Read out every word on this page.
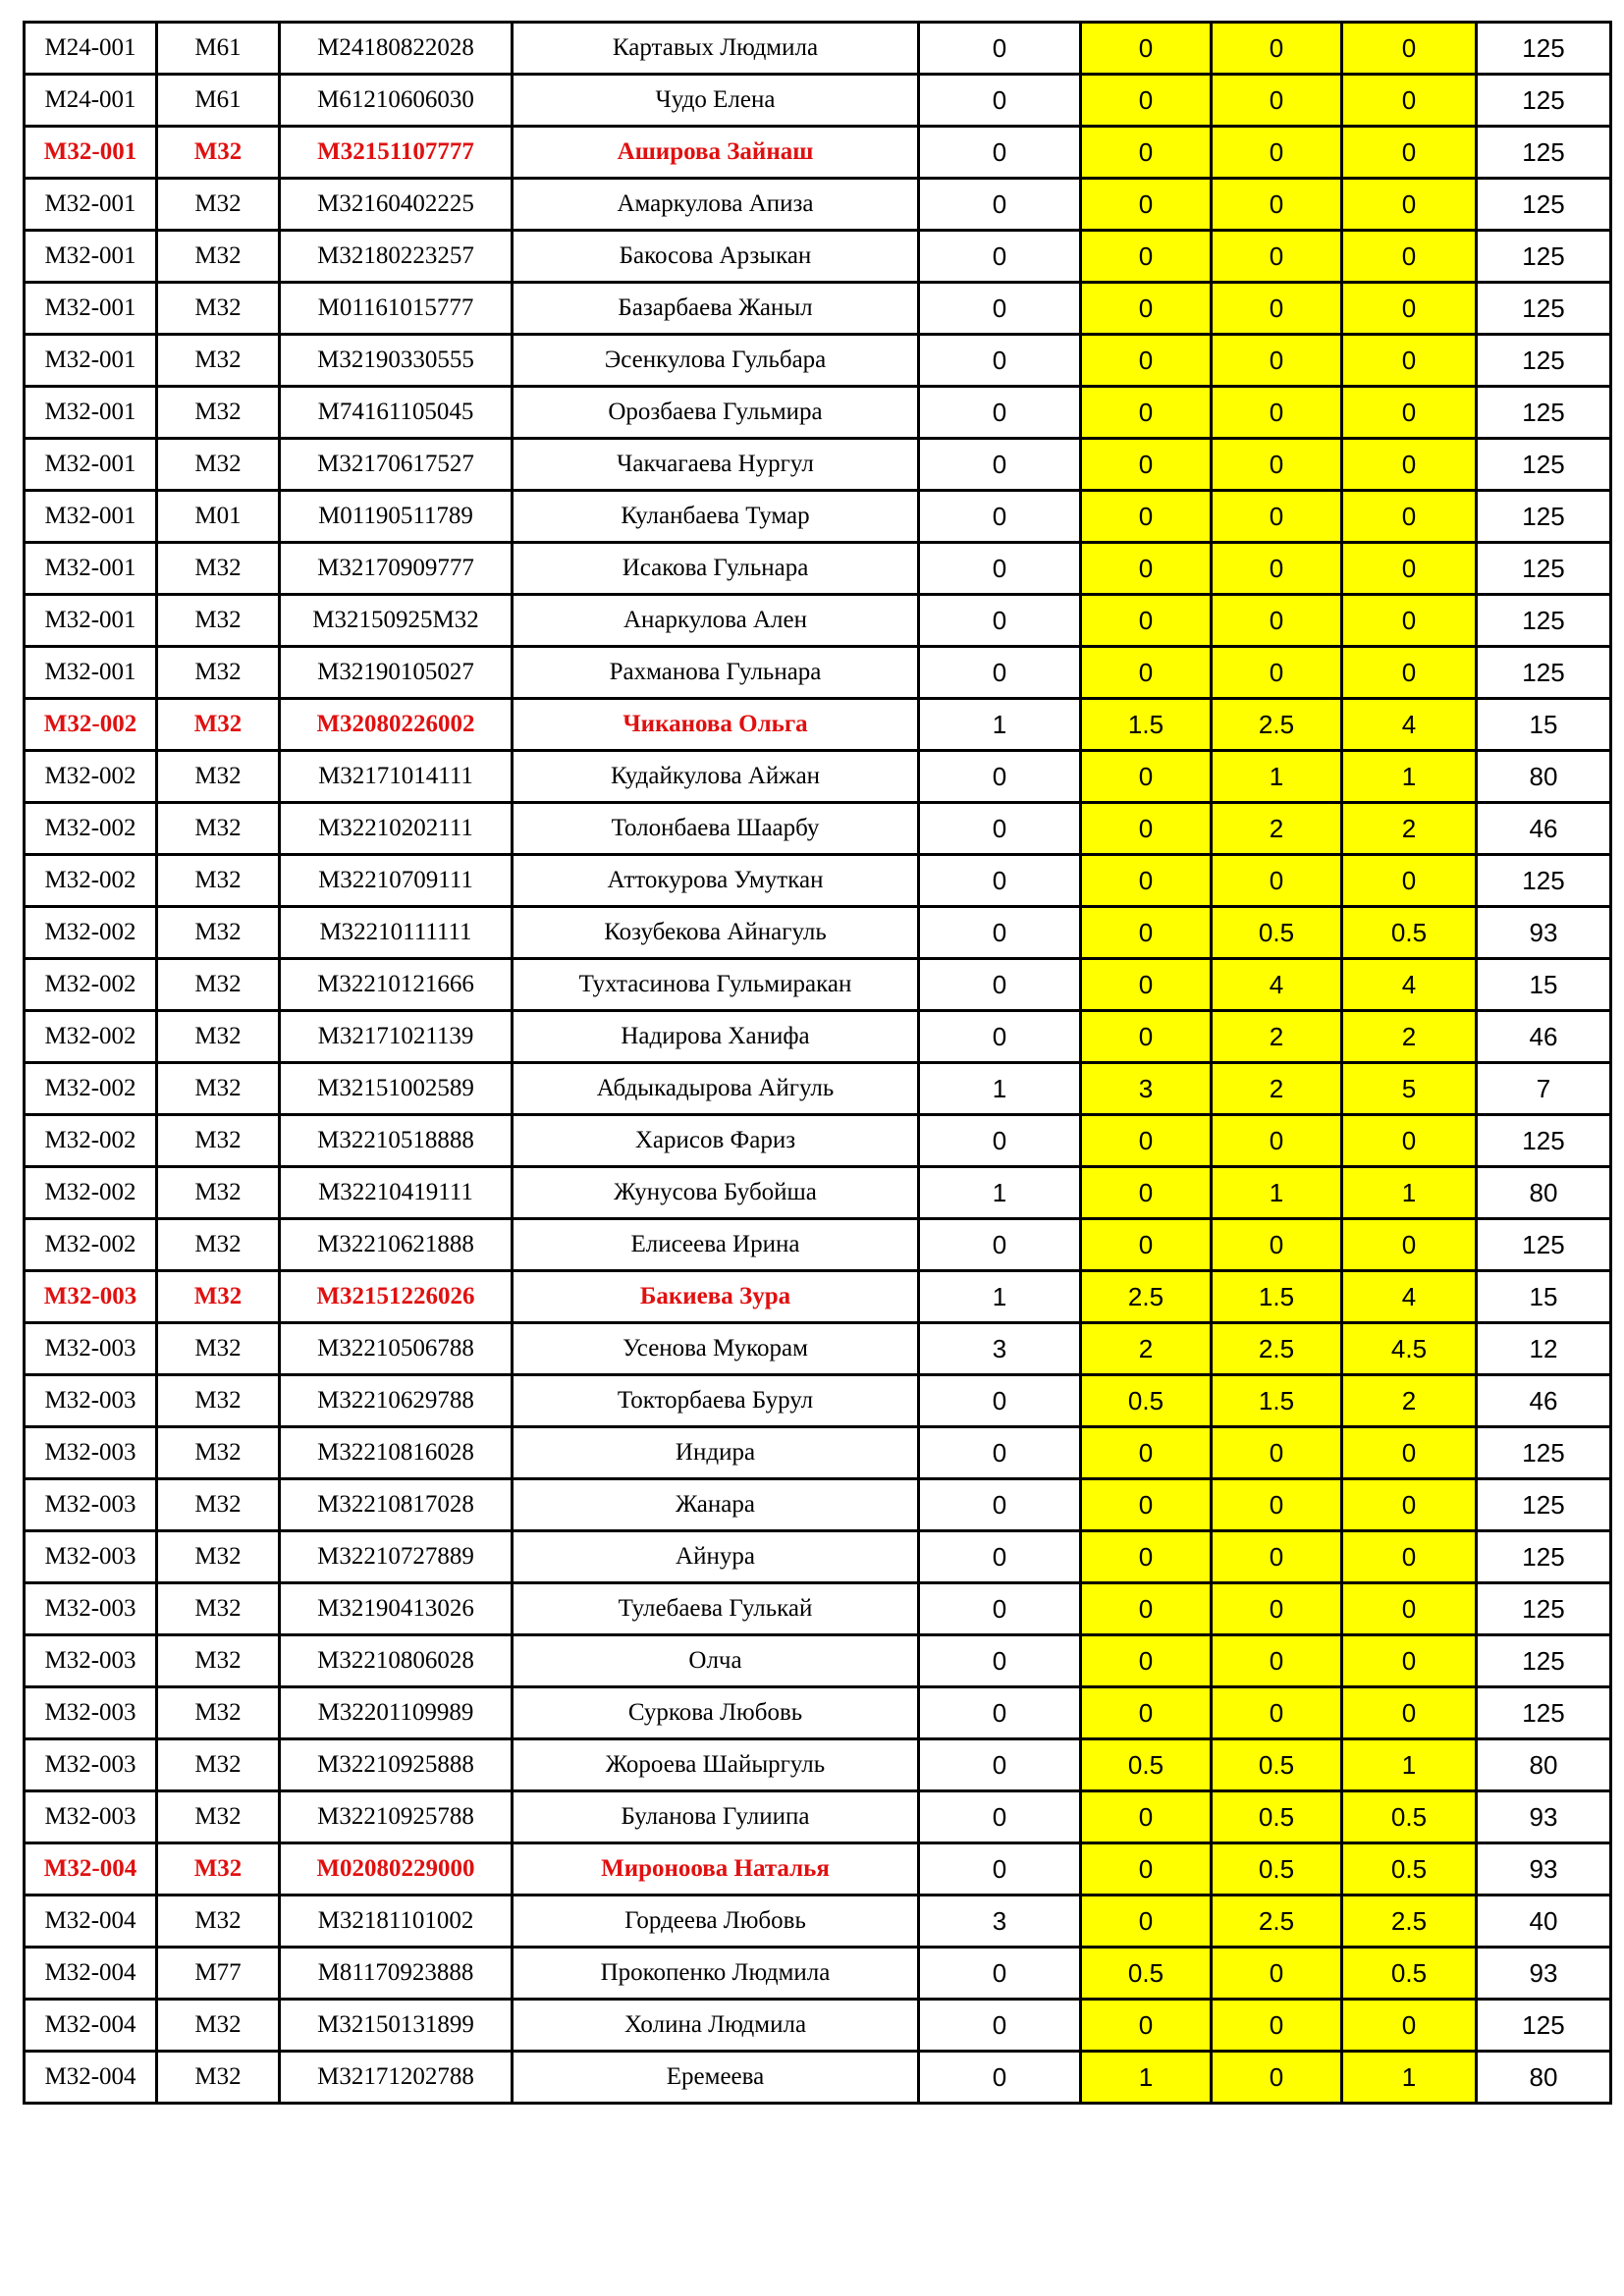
М24-001	М61	М24180822028	Картавых Людмила	0	0	0	0	125
М24-001	М61	М61210606030	Чудо Елена	0	0	0	0	125
М32-001	М32	М32151107777	Аширова Зайнаш	0	0	0	0	125
М32-001	М32	М32160402225	Амаркулова Апиза	0	0	0	0	125
М32-001	М32	М32180223257	Бакосова Арзыкан	0	0	0	0	125
М32-001	М32	М01161015777	Базарбаева Жаныл	0	0	0	0	125
М32-001	М32	М32190330555	Эсенкулова Гульбара	0	0	0	0	125
М32-001	М32	М74161105045	Орозбаева Гульмира	0	0	0	0	125
М32-001	М32	М32170617527	Чакчагаева Нургул	0	0	0	0	125
М32-001	М01	М01190511789	Куланбаева Тумар	0	0	0	0	125
М32-001	М32	М32170909777	Исакова Гульнара	0	0	0	0	125
М32-001	М32	М32150925М32	Анаркулова Ален	0	0	0	0	125
М32-001	М32	М32190105027	Рахманова Гульнара	0	0	0	0	125
М32-002	М32	М32080226002	Чиканова Ольга	1	1.5	2.5	4	15
М32-002	М32	М32171014111	Кудайкулова Айжан	0	0	1	1	80
М32-002	М32	М32210202111	Толонбаева Шаарбу	0	0	2	2	46
М32-002	М32	М32210709111	Аттокурова Умуткан	0	0	0	0	125
М32-002	М32	М32210111111	Козубекова Айнагуль	0	0	0.5	0.5	93
М32-002	М32	М32210121666	Тухтасинова Гульмиракан	0	0	4	4	15
М32-002	М32	М32171021139	Надирова Ханифа	0	0	2	2	46
М32-002	М32	М32151002589	Абдыкадырова Айгуль	1	3	2	5	7
М32-002	М32	М32210518888	Харисов Фариз	0	0	0	0	125
М32-002	М32	М32210419111	Жунусова Бубойша	1	0	1	1	80
М32-002	М32	М32210621888	Елисеева Ирина	0	0	0	0	125
М32-003	М32	М32151226026	Бакиева Зура	1	2.5	1.5	4	15
М32-003	М32	М32210506788	Усенова Мукорам	3	2	2.5	4.5	12
М32-003	М32	М32210629788	Токторбаева Бурул	0	0.5	1.5	2	46
М32-003	М32	М32210816028	Индира	0	0	0	0	125
М32-003	М32	М32210817028	Жанара	0	0	0	0	125
М32-003	М32	М32210727889	Айнура	0	0	0	0	125
М32-003	М32	М32190413026	Тулебаева Гулькай	0	0	0	0	125
М32-003	М32	М32210806028	Олча	0	0	0	0	125
М32-003	М32	М32201109989	Суркова Любовь	0	0	0	0	125
М32-003	М32	М32210925888	Жороева Шайыргуль	0	0.5	0.5	1	80
М32-003	М32	М32210925788	Буланова Гулиипа	0	0	0.5	0.5	93
М32-004	М32	М02080229000	Мироноова Наталья	0	0	0.5	0.5	93
М32-004	М32	М32181101002	Гордеева Любовь	3	0	2.5	2.5	40
М32-004	М77	М81170923888	Прокопенко Людмила	0	0.5	0	0.5	93
М32-004	М32	М32150131899	Холина Людмила	0	0	0	0	125
М32-004	М32	М32171202788	Еремеева	0	1	0	1	80
